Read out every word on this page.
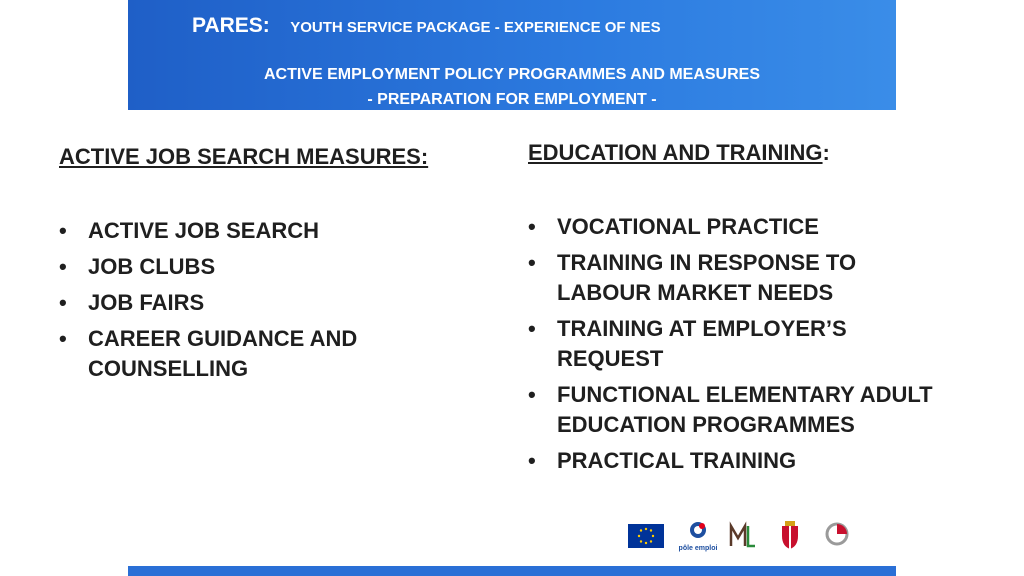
PARES: YOUTH SERVICE PACKAGE - EXPERIENCE OF NES
ACTIVE EMPLOYMENT POLICY PROGRAMMES AND MEASURES
- PREPARATION FOR EMPLOYMENT -
ACTIVE JOB SEARCH MEASURES:
• ACTIVE JOB SEARCH
• JOB CLUBS
• JOB FAIRS
• CAREER GUIDANCE AND COUNSELLING
EDUCATION AND TRAINING:
• VOCATIONAL PRACTICE
• TRAINING IN RESPONSE TO LABOUR MARKET NEEDS
• TRAINING AT EMPLOYER’S REQUEST
• FUNCTIONAL ELEMENTARY ADULT EDUCATION PROGRAMMES
• PRACTICAL TRAINING
pôle emploi
